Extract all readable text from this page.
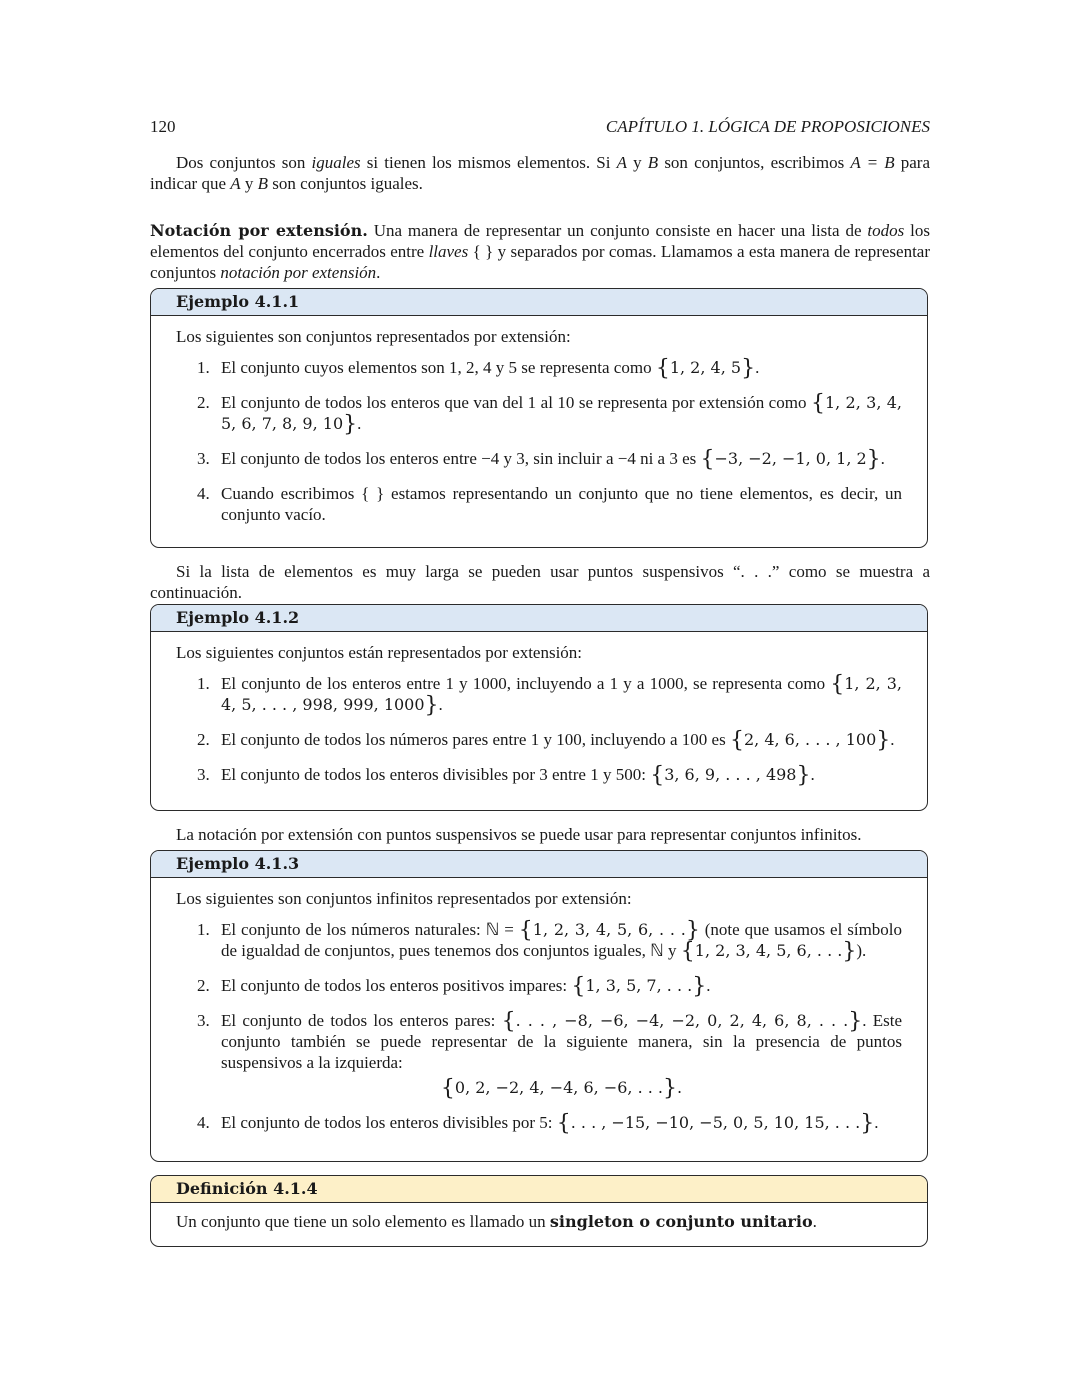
120	CAPÍTULO 1. LÓGICA DE PROPOSICIONES

Dos conjuntos son iguales si tienen los mismos elementos. Si A y B son conjuntos, escribimos A = B para indicar que A y B son conjuntos iguales.

Notación por extensión. Una manera de representar un conjunto consiste en hacer una lista de todos los elementos del conjunto encerrados entre llaves { } y separados por comas. Llamamos a esta manera de representar conjuntos notación por extensión.

Ejemplo 4.1.1

Los siguientes son conjuntos representados por extensión:

1. El conjunto cuyos elementos son 1, 2, 4 y 5 se representa como {1, 2, 4, 5}.
2. El conjunto de todos los enteros que van del 1 al 10 se representa por extensión como {1, 2, 3, 4, 5, 6, 7, 8, 9, 10}.
3. El conjunto de todos los enteros entre −4 y 3, sin incluir a −4 ni a 3 es {−3, −2, −1, 0, 1, 2}.
4. Cuando escribimos { } estamos representando un conjunto que no tiene elementos, es decir, un conjunto vacío.

Si la lista de elementos es muy larga se pueden usar puntos suspensivos “. . .” como se muestra a continuación.

Ejemplo 4.1.2

Los siguientes conjuntos están representados por extensión:

1. El conjunto de los enteros entre 1 y 1000, incluyendo a 1 y a 1000, se representa como {1, 2, 3, 4, 5, . . . , 998, 999, 1000}.
2. El conjunto de todos los números pares entre 1 y 100, incluyendo a 100 es {2, 4, 6, . . . , 100}.
3. El conjunto de todos los enteros divisibles por 3 entre 1 y 500: {3, 6, 9, . . . , 498}.

La notación por extensión con puntos suspensivos se puede usar para representar conjuntos infinitos.

Ejemplo 4.1.3

Los siguientes son conjuntos infinitos representados por extensión:

1. El conjunto de los números naturales: ℕ = {1, 2, 3, 4, 5, 6, . . .} (note que usamos el símbolo de igualdad de conjuntos, pues tenemos dos conjuntos iguales, ℕ y {1, 2, 3, 4, 5, 6, . . .}).
2. El conjunto de todos los enteros positivos impares: {1, 3, 5, 7, . . .}.
3. El conjunto de todos los enteros pares: {. . . , −8, −6, −4, −2, 0, 2, 4, 6, 8, . . .}. Este conjunto también se puede representar de la siguiente manera, sin la presencia de puntos suspensivos a la izquierda:
{0, 2, −2, 4, −4, 6, −6, . . .}.
4. El conjunto de todos los enteros divisibles por 5: {. . . , −15, −10, −5, 0, 5, 10, 15, . . .}.
Definición 4.1.4
Un conjunto que tiene un solo elemento es llamado un singleton o conjunto unitario.
